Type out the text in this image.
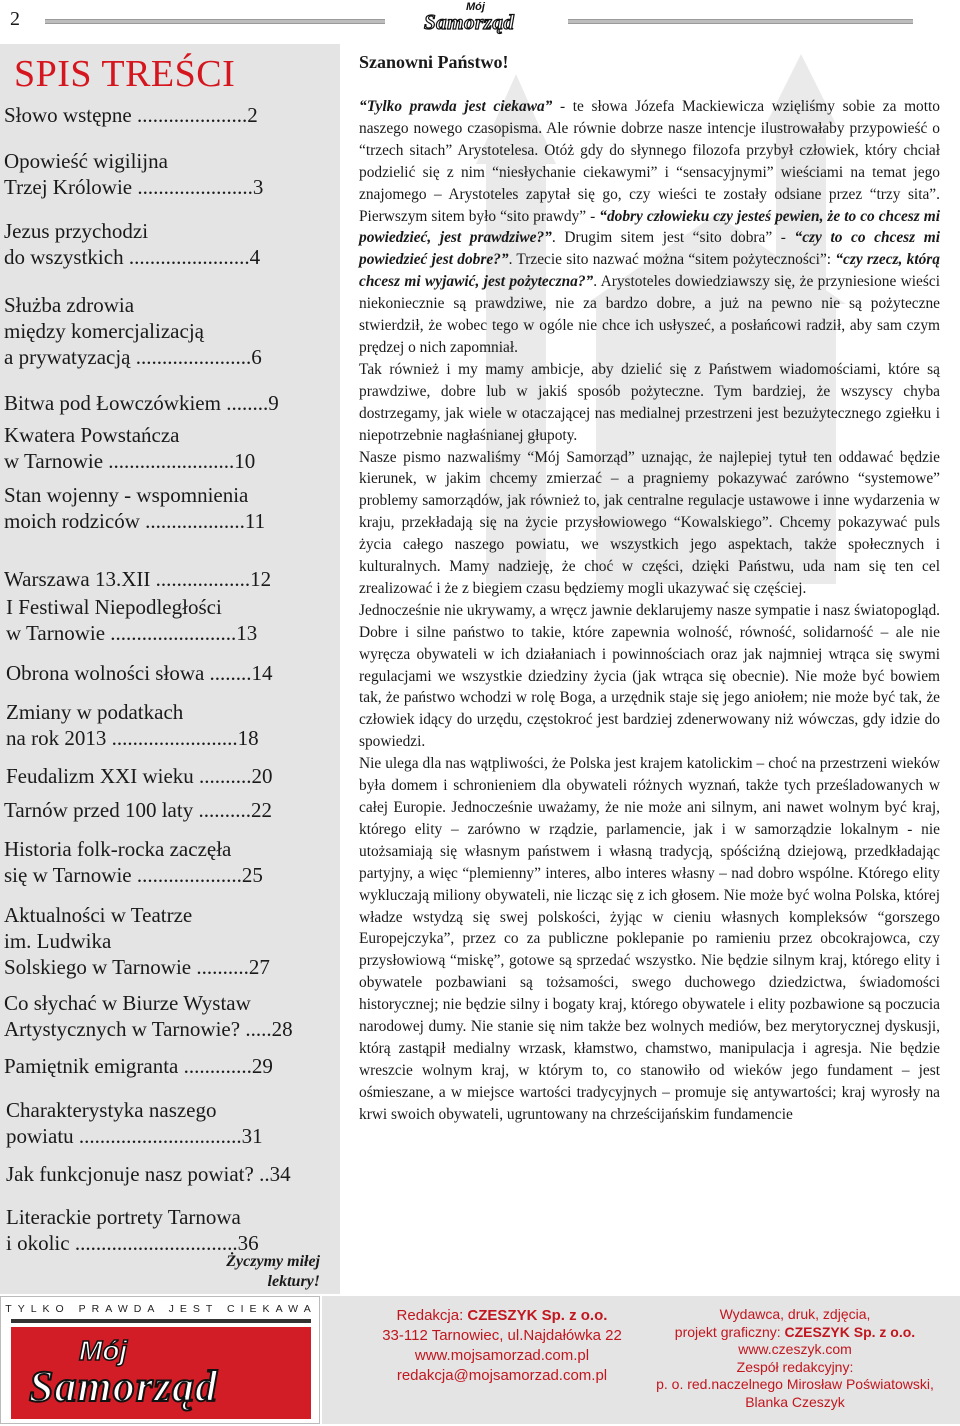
2
Mój
Samorząd
SPIS TREŚCI
Słowo wstępne .....................2
Opowieść wigilijna
Trzej Królowie ......................3
Jezus przychodzi
do wszystkich .......................4
Służba zdrowia
między komercjalizacją
a prywatyzacją ......................6
Bitwa pod Łowczówkiem ........9
Kwatera Powstańcza
w Tarnowie ........................10
Stan wojenny - wspomnienia
moich rodziców ...................11
Warszawa 13.XII ..................12
I Festiwal Niepodległości
w Tarnowie ........................13
Obrona wolności słowa ........14
Zmiany w podatkach
na rok 2013 ........................18
Feudalizm XXI wieku ..........20
Tarnów przed 100 laty ..........22
Historia folk-rocka zaczęła
się w Tarnowie ....................25
Aktualności w Teatrze
im. Ludwika
Solskiego w Tarnowie ..........27
Co słychać w Biurze Wystaw
Artystycznych w Tarnowie? .....28
Pamiętnik emigranta .............29
Charakterystyka naszego
powiatu ...............................31
Jak funkcjonuje nasz powiat? ..34
Literackie portrety Tarnowa
i okolic ...............................36
Życzymy miłej
lektury!
Szanowni Państwo!

“Tylko prawda jest ciekawa” - te słowa Józefa Mackiewicza wzięliśmy sobie za motto naszego nowego czasopisma. Ale równie dobrze nasze intencje ilustrowałaby przypowieść o “trzech sitach” Arystotelesa. Otóż gdy do słynnego filozofa przybył człowiek, który chciał podzielić się z nim “niesłychanie ciekawymi” i “sensacyjnymi” wieściami na temat jego znajomego – Arystoteles zapytał się go, czy wieści te zostały odsiane przez “trzy sita”. Pierwszym sitem było “sito prawdy” - “dobry człowieku czy jesteś pewien, że to co chcesz mi powiedzieć, jest prawdziwe?”. Drugim sitem jest “sito dobra” - “czy to co chcesz mi powiedzieć jest dobre?”. Trzecie sito nazwać można “sitem pożyteczności”: “czy rzecz, którą chcesz mi wyjawić, jest pożyteczna?”. Arystoteles dowiedziawszy się, że przyniesione wieści niekoniecznie są prawdziwe, nie za bardzo dobre, a już na pewno nie są pożyteczne stwierdził, że wobec tego w ogóle nie chce ich usłyszeć, a posłańcowi radził, aby sam czym prędzej o nich zapomniał.

Tak również i my mamy ambicje, aby dzielić się z Państwem wiadomościami, które są prawdziwe, dobre lub w jakiś sposób pożyteczne. Tym bardziej, że wszyscy chyba dostrzegamy, jak wiele w otaczającej nas medialnej przestrzeni jest bezużytecznego zgiełku i niepotrzebnie nagłaśnianej głupoty.

Nasze pismo nazwaliśmy “Mój Samorząd” uznając, że najlepiej tytuł ten oddawać będzie kierunek, w jakim chcemy zmierzać – a pragniemy pokazywać zarówno “systemowe” problemy samorządów, jak również to, jak centralne regulacje ustawowe i inne wydarzenia w kraju, przekładają się na życie przysłowiowego “Kowalskiego”. Chcemy pokazywać puls życia całego naszego powiatu, we wszystkich jego aspektach, także społecznych i kulturalnych. Mamy nadzieję, że choć w części, dzięki Państwu, uda nam się ten cel zrealizować i że z biegiem czasu będziemy mogli ukazywać się częściej.

Jednocześnie nie ukrywamy, a wręcz jawnie deklarujemy nasze sympatie i nasz światopogląd. Dobre i silne państwo to takie, które zapewnia wolność, równość, solidarność – ale nie wyręcza obywateli w ich działaniach i powinnościach oraz jak najmniej wtrąca się swymi regulacjami we wszystkie dziedziny życia (jak wtrąca się obecnie). Nie może być bowiem tak, że państwo wchodzi w rolę Boga, a urzędnik staje się jego aniołem; nie może być tak, że człowiek idący do urzędu, częstokroć jest bardziej zdenerwowany niż wówczas, gdy idzie do spowiedzi.

Nie ulega dla nas wątpliwości, że Polska jest krajem katolickim – choć na przestrzeni wieków była domem i schronieniem dla obywateli różnych wyznań, także tych prześladowanych w całej Europie. Jednocześnie uważamy, że nie może ani silnym, ani nawet wolnym być kraj, którego elity – zarówno w rządzie, parlamencie, jak i w samorządzie lokalnym - nie utożsamiają się własnym państwem i własną tradycją, spóściźną dziejową, przedkładając partyjny, a więc “plemienny” interes, albo interes własny – nad dobro wspólne. Którego elity wykluczają miliony obywateli, nie licząc się z ich głosem. Nie może być wolna Polska, której władze wstydzą się swej polskości, żyjąc w cieniu własnych kompleksów “gorszego Europejczyka”, przez co za publiczne poklepanie po ramieniu przez obcokrajowca, czy przysłowiową “miskę”, gotowe są sprzedać wszystko. Nie będzie silnym kraj, którego elity i obywatele pozbawiani są tożsamości, swego duchowego dziedzictwa, świadomości historycznej; nie będzie silny i bogaty kraj, którego obywatele i elity pozbawione są poczucia narodowej dumy. Nie stanie się nim także bez wolnych mediów, bez merytorycznej dyskusji, którą zastąpił medialny wrzask, kłamstwo, chamstwo, manipulacja i agresja. Nie będzie wreszcie wolnym kraj, w którym to, co stanowiło od wieków jego fundament – jest ośmieszane, a w miejsce wartości tradycyjnych – promuje się antywartości; kraj wyrosły na krwi swoich obywateli, ugruntowany na chrześcijańskim fundamencie

TYLKO PRAWDA JEST CIEKAWA
Mój
Samorząd
Redakcja: CZESZYK Sp. z o.o.
33-112 Tarnowiec, ul.Najdałówka 22
www.mojsamorzad.com.pl
redakcja@mojsamorzad.com.pl
Wydawca, druk, zdjęcia,
projekt graficzny: CZESZYK Sp. z o.o.
www.czeszyk.com
Zespół redakcyjny:
p. o. red.naczelnego Mirosław Poświatowski,
Blanka Czeszyk
